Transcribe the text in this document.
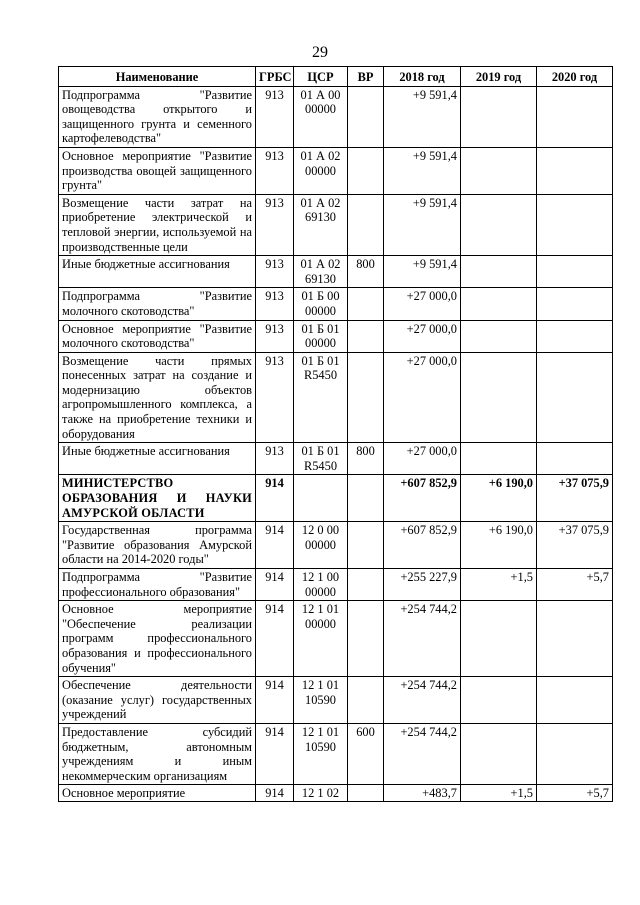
29
Наименование	ГРБС	ЦСР	ВР	2018 год	2019 год	2020 год
Подпрограмма "Развитие овощеводства открытого и защищенного грунта и семенного картофелеводства"	913	01 А 00 00000		+9 591,4		
Основное мероприятие "Развитие производства овощей защищенного грунта"	913	01 А 02 00000		+9 591,4		
Возмещение части затрат на приобретение электрической и тепловой энергии, используемой на производственные цели	913	01 А 02 69130		+9 591,4		
Иные бюджетные ассигнования	913	01 А 02 69130	800	+9 591,4		
Подпрограмма "Развитие молочного скотоводства"	913	01 Б 00 00000		+27 000,0		
Основное мероприятие "Развитие молочного скотоводства"	913	01 Б 01 00000		+27 000,0		
Возмещение части прямых понесенных затрат на создание и модернизацию объектов агропромышленного комплекса, а также на приобретение техники и оборудования	913	01 Б 01 R5450		+27 000,0		
Иные бюджетные ассигнования	913	01 Б 01 R5450	800	+27 000,0		
МИНИСТЕРСТВО ОБРАЗОВАНИЯ И НАУКИ АМУРСКОЙ ОБЛАСТИ	914			+607 852,9	+6 190,0	+37 075,9
Государственная программа "Развитие образования Амурской области на 2014-2020 годы"	914	12 0 00 00000		+607 852,9	+6 190,0	+37 075,9
Подпрограмма "Развитие профессионального образования"	914	12 1 00 00000		+255 227,9	+1,5	+5,7
Основное мероприятие "Обеспечение реализации программ профессионального образования и профессионального обучения"	914	12 1 01 00000		+254 744,2		
Обеспечение деятельности (оказание услуг) государственных учреждений	914	12 1 01 10590		+254 744,2		
Предоставление субсидий бюджетным, автономным учреждениям и иным некоммерческим организациям	914	12 1 01 10590	600	+254 744,2		

Основное мероприятие	914	12 1 02		+483,7	+1,5	+5,7
